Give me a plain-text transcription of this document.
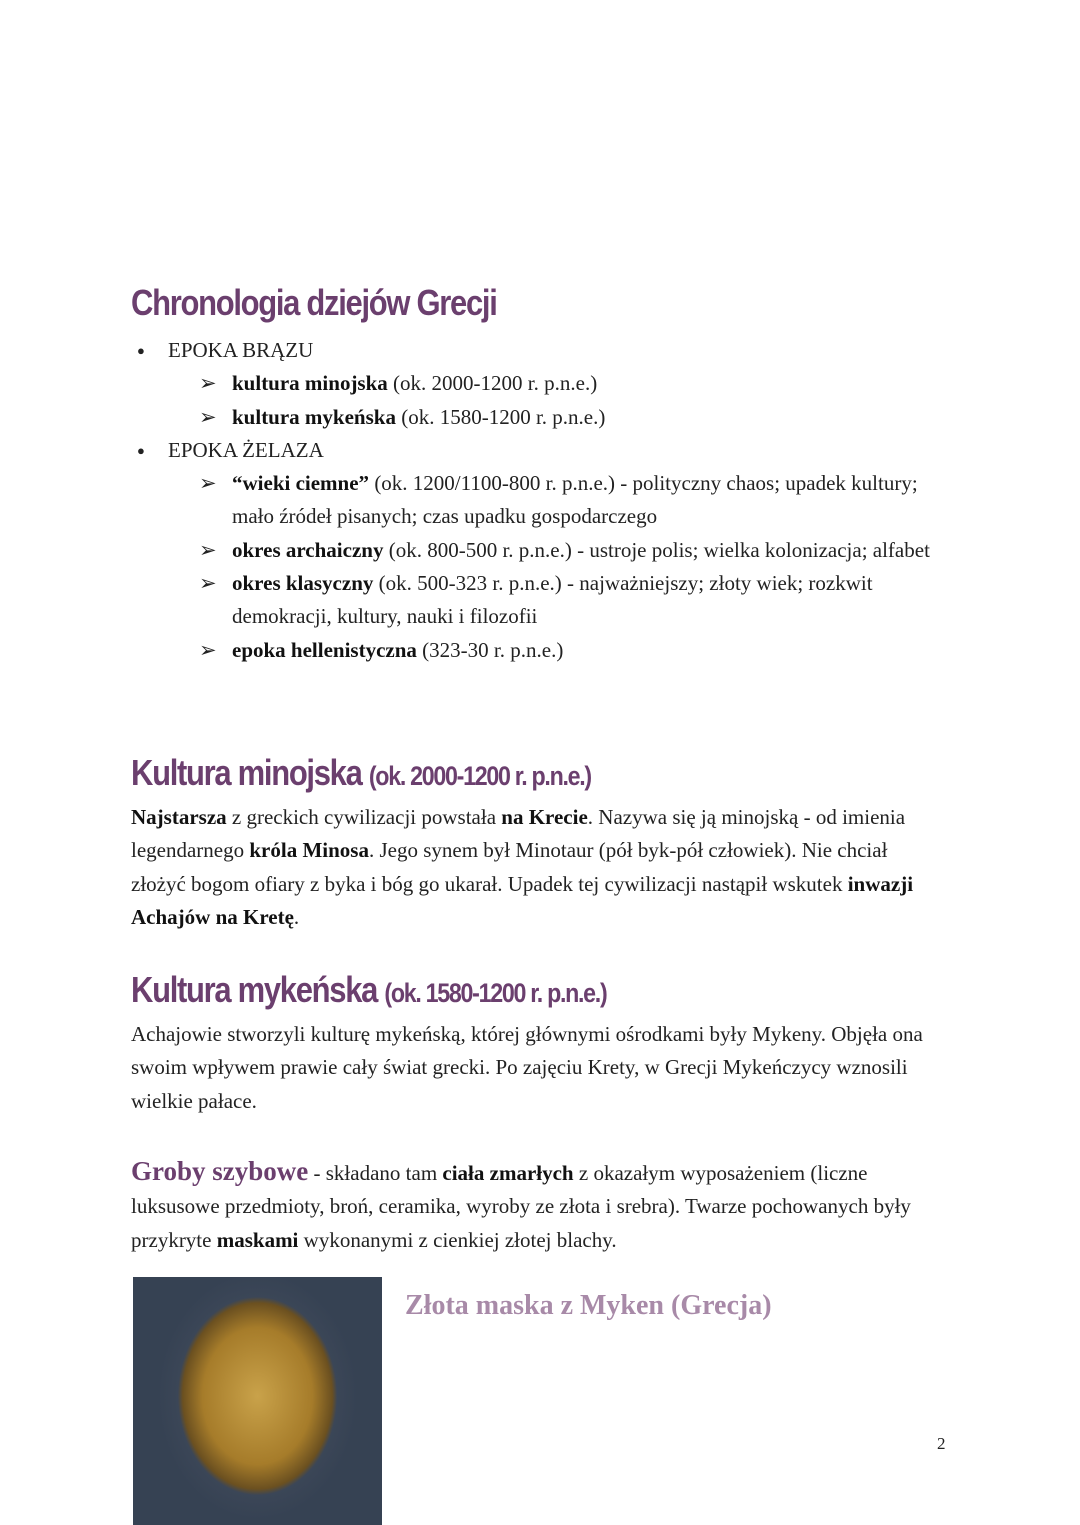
Chronologia dziejów Grecji
● EPOKA BRĄZU
➢ kultura minojska (ok. 2000-1200 r. p.n.e.)
➢ kultura mykeńska (ok. 1580-1200 r. p.n.e.)
● EPOKA ŻELAZA
➢ “wieki ciemne” (ok. 1200/1100-800 r. p.n.e.) - polityczny chaos; upadek kultury; mało źródeł pisanych; czas upadku gospodarczego
➢ okres archaiczny (ok. 800-500 r. p.n.e.) - ustroje polis; wielka kolonizacja; alfabet
➢ okres klasyczny (ok. 500-323 r. p.n.e.) - najważniejszy; złoty wiek; rozkwit demokracji, kultury, nauki i filozofii
➢ epoka hellenistyczna (323-30 r. p.n.e.)
Kultura minojska (ok. 2000-1200 r. p.n.e.)

Najstarsza z greckich cywilizacji powstała na Krecie. Nazywa się ją minojską - od imienia legendarnego króla Minosa. Jego synem był Minotaur (pół byk-pół człowiek). Nie chciał złożyć bogom ofiary z byka i bóg go ukarał. Upadek tej cywilizacji nastąpił wskutek inwazji Achajów na Kretę.

Kultura mykeńska (ok. 1580-1200 r. p.n.e.)

Achajowie stworzyli kulturę mykeńską, której głównymi ośrodkami były Mykeny. Objęła ona swoim wpływem prawie cały świat grecki. Po zajęciu Krety, w Grecji Mykeńczycy wznosili wielkie pałace.

Groby szybowe - składano tam ciała zmarłych z okazałym wyposażeniem (liczne luksusowe przedmioty, broń, ceramika, wyroby ze złota i srebra). Twarze pochowanych były przykryte maskami wykonanymi z cienkiej złotej blachy.

Złota maska z Myken (Grecja)
2
